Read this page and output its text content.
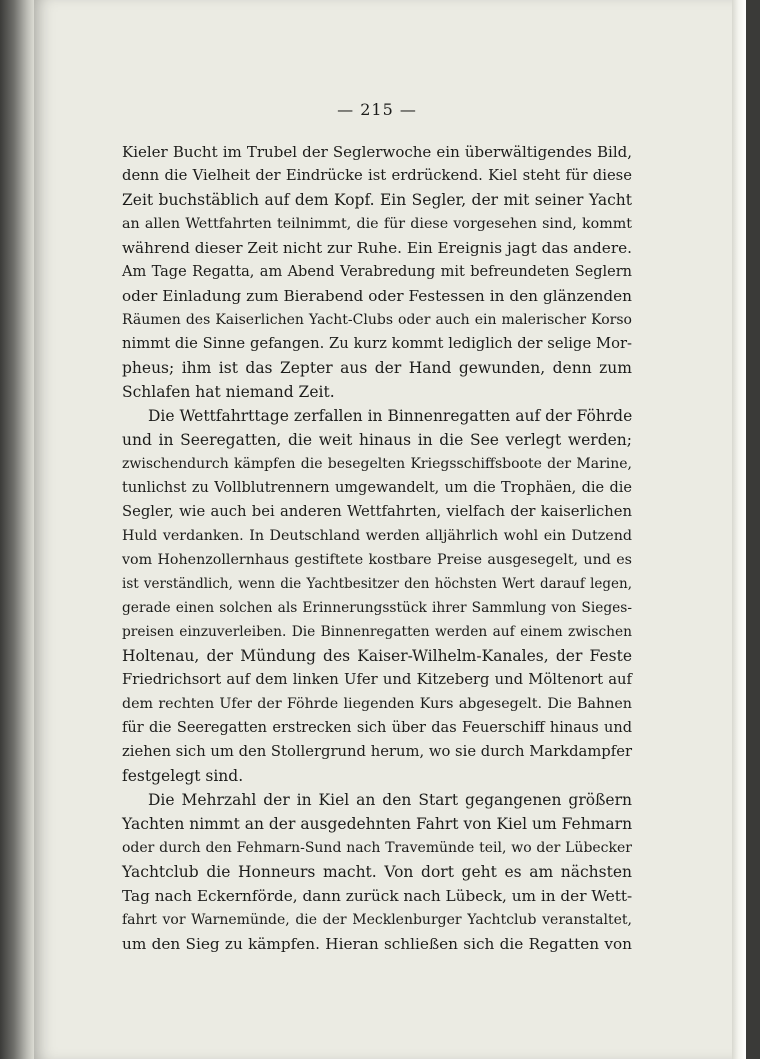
— 215 —
Kieler Bucht im Trubel der Seglerwoche ein überwältigendes Bild,
denn die Vielheit der Eindrücke ist erdrückend. Kiel steht für diese
Zeit buchstäblich auf dem Kopf. Ein Segler, der mit seiner Yacht
an allen Wettfahrten teilnimmt, die für diese vorgesehen sind, kommt
während dieser Zeit nicht zur Ruhe. Ein Ereignis jagt das andere.
Am Tage Regatta, am Abend Verabredung mit befreundeten Seglern
oder Einladung zum Bierabend oder Festessen in den glänzenden
Räumen des Kaiserlichen Yacht-Clubs oder auch ein malerischer Korso
nimmt die Sinne gefangen. Zu kurz kommt lediglich der selige Mor-
pheus; ihm ist das Zepter aus der Hand gewunden, denn zum
Schlafen hat niemand Zeit.
Die Wettfahrttage zerfallen in Binnenregatten auf der Föhrde
und in Seeregatten, die weit hinaus in die See verlegt werden;
zwischendurch kämpfen die besegelten Kriegsschiffsboote der Marine,
tunlichst zu Vollblutrennern umgewandelt, um die Trophäen, die die
Segler, wie auch bei anderen Wettfahrten, vielfach der kaiserlichen
Huld verdanken. In Deutschland werden alljährlich wohl ein Dutzend
vom Hohenzollernhaus gestiftete kostbare Preise ausgesegelt, und es
ist verständlich, wenn die Yachtbesitzer den höchsten Wert darauf legen,
gerade einen solchen als Erinnerungsstück ihrer Sammlung von Sieges-
preisen einzuverleiben. Die Binnenregatten werden auf einem zwischen
Holtenau, der Mündung des Kaiser-Wilhelm-Kanales, der Feste
Friedrichsort auf dem linken Ufer und Kitzeberg und Möltenort auf
dem rechten Ufer der Föhrde liegenden Kurs abgesegelt. Die Bahnen
für die Seeregatten erstrecken sich über das Feuerschiff hinaus und
ziehen sich um den Stollergrund herum, wo sie durch Markdampfer
festgelegt sind.
Die Mehrzahl der in Kiel an den Start gegangenen größern
Yachten nimmt an der ausgedehnten Fahrt von Kiel um Fehmarn
oder durch den Fehmarn-Sund nach Travemünde teil, wo der Lübecker
Yachtclub die Honneurs macht. Von dort geht es am nächsten
Tag nach Eckernförde, dann zurück nach Lübeck, um in der Wett-
fahrt vor Warnemünde, die der Mecklenburger Yachtclub veranstaltet,
um den Sieg zu kämpfen. Hieran schließen sich die Regatten von
